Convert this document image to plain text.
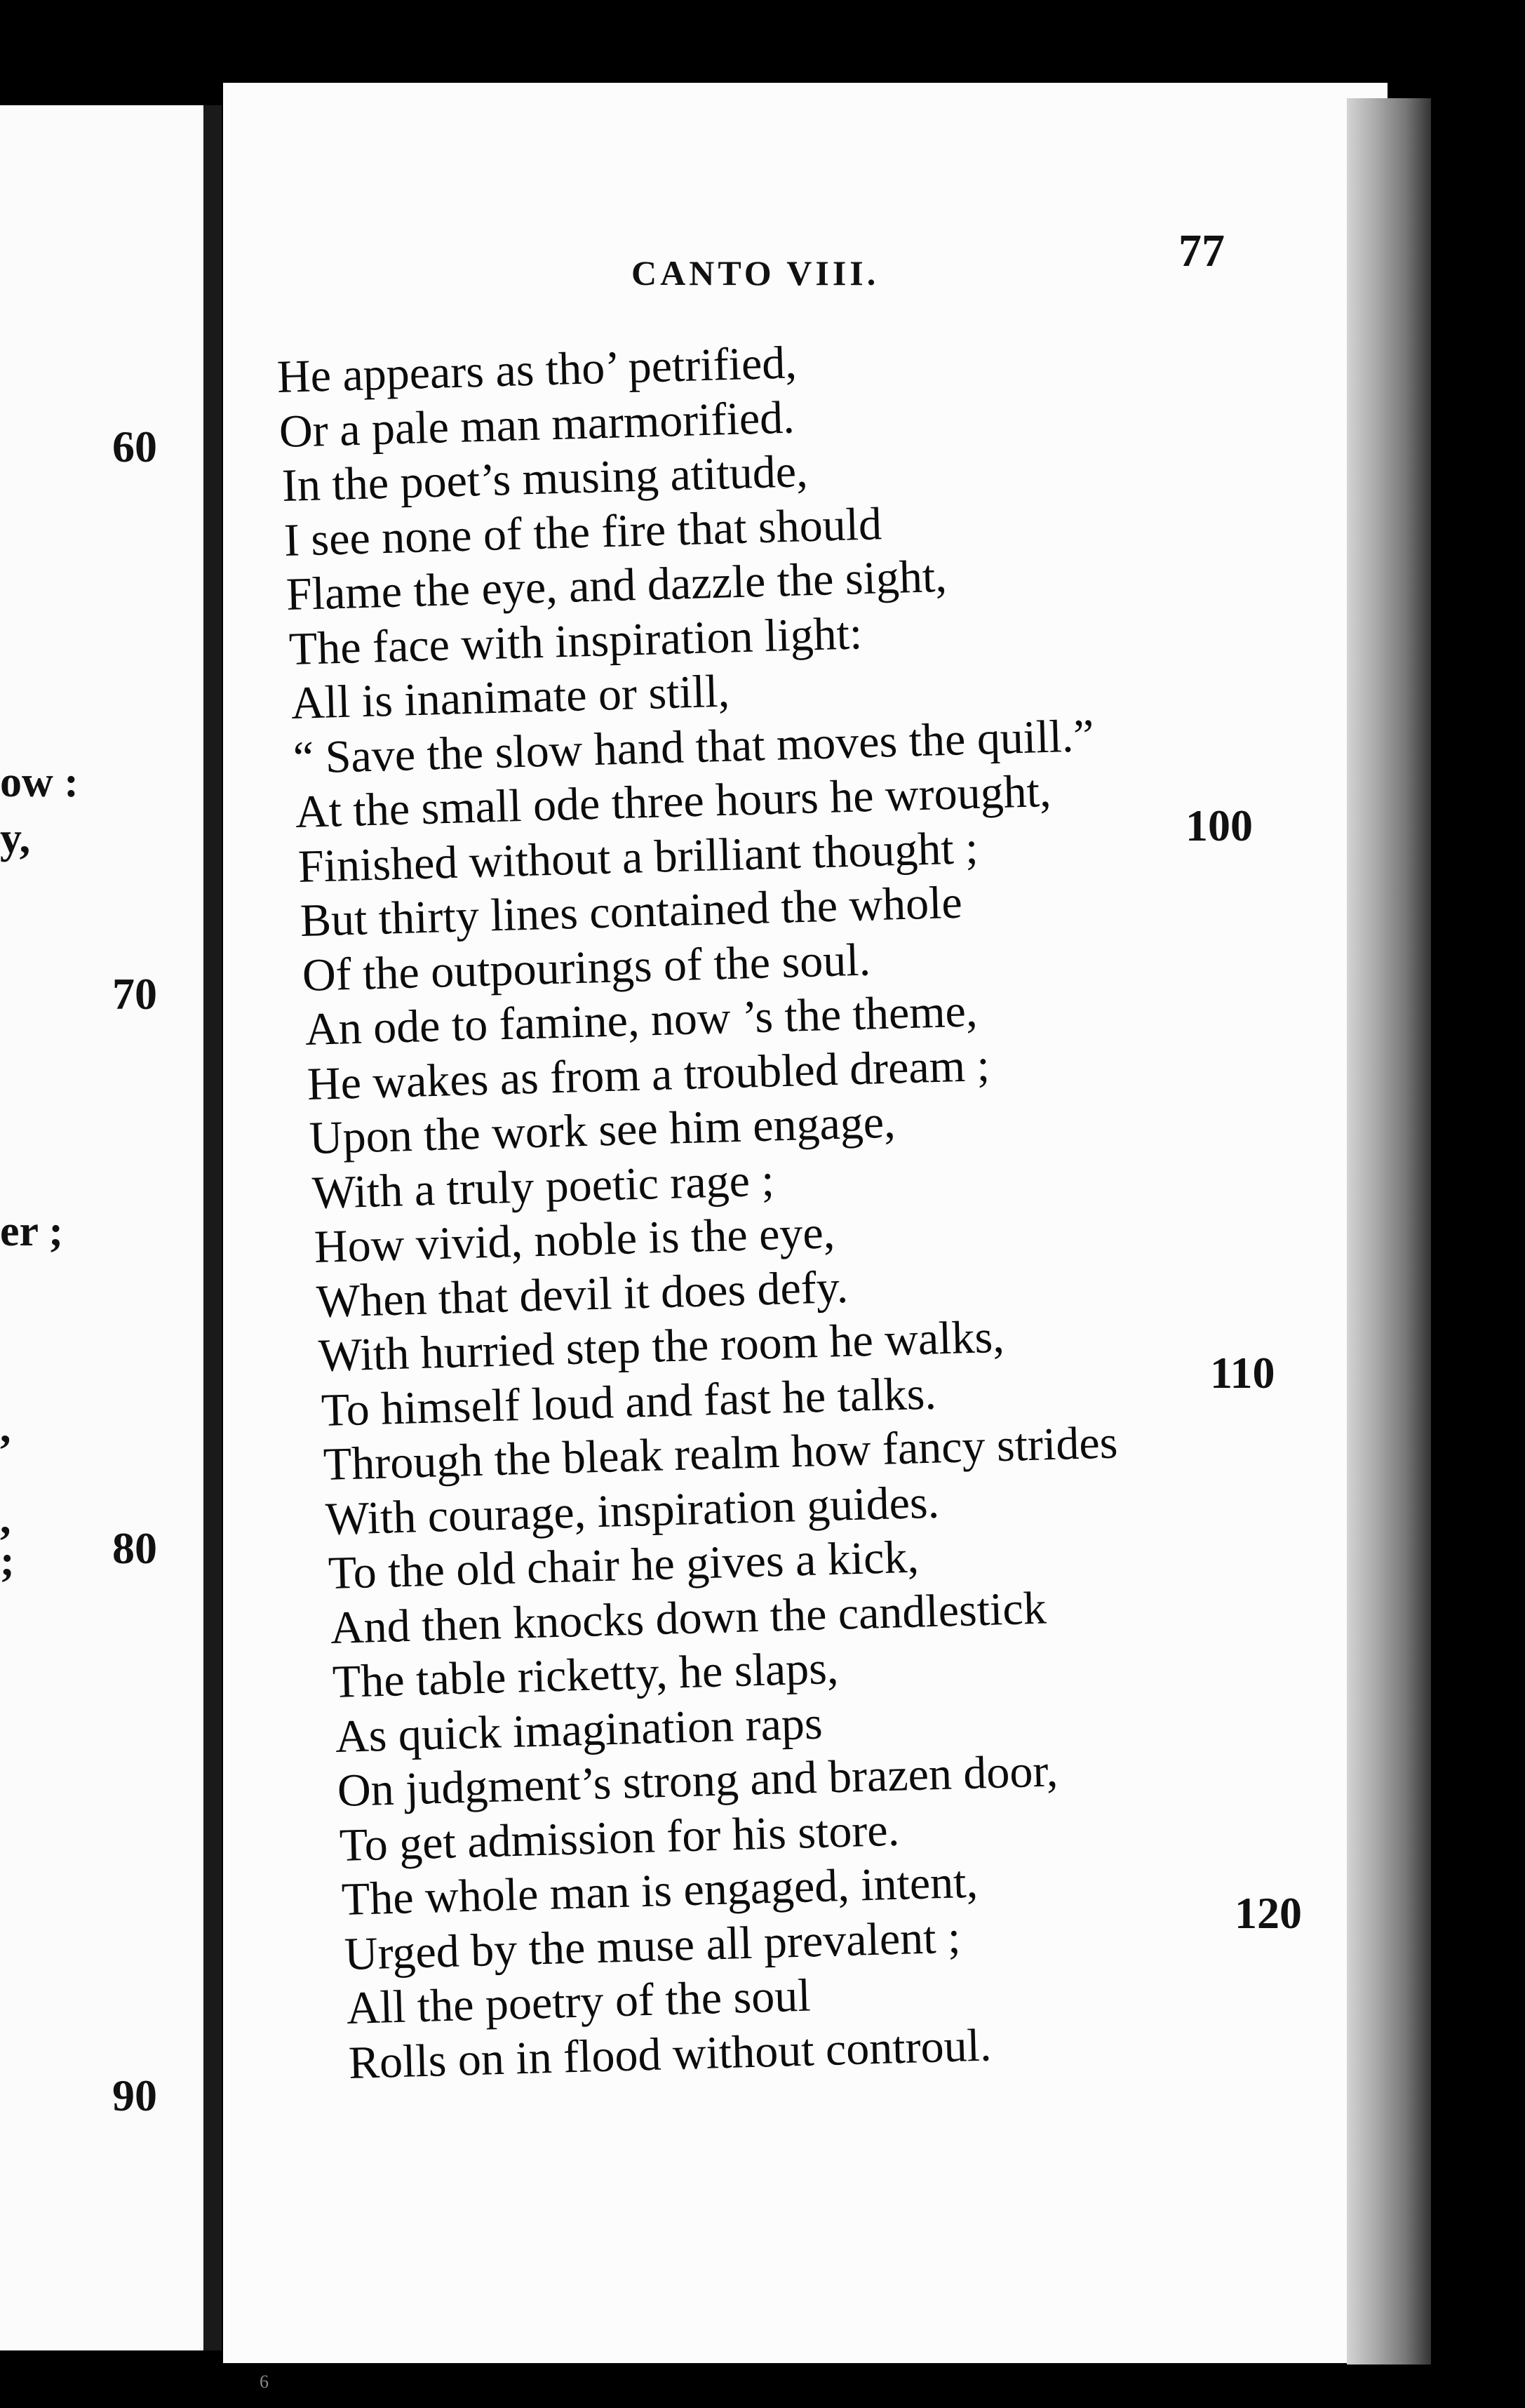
ow :
y,
er ;
,
,
;
60
70
80
90
CANTO VIII.	77
He appears as tho’ petrified,
Or a pale man marmorified.
In the poet’s musing atitude,
I see none of the fire that should
Flame the eye, and dazzle the sight,
The face with inspiration light:
All is inanimate or still,
“ Save the slow hand that moves the quill.”
At the small ode three hours he wrought,
Finished without a brilliant thought ;
But thirty lines contained the whole
Of the outpourings of the soul.
An ode to famine, now ’s the theme,
He wakes as from a troubled dream ;
Upon the work see him engage,
With a truly poetic rage ;
How vivid, noble is the eye,
When that devil it does defy.
With hurried step the room he walks,
To himself loud and fast he talks.
Through the bleak realm how fancy strides
With courage, inspiration guides.
To the old chair he gives a kick,
And then knocks down the candlestick
The table ricketty, he slaps,
As quick imagination raps
On judgment’s strong and brazen door,
To get admission for his store.
The whole man is engaged, intent,
Urged by the muse all prevalent ;
All the poetry of the soul
Rolls on in flood without controul.
100
110
120
6
